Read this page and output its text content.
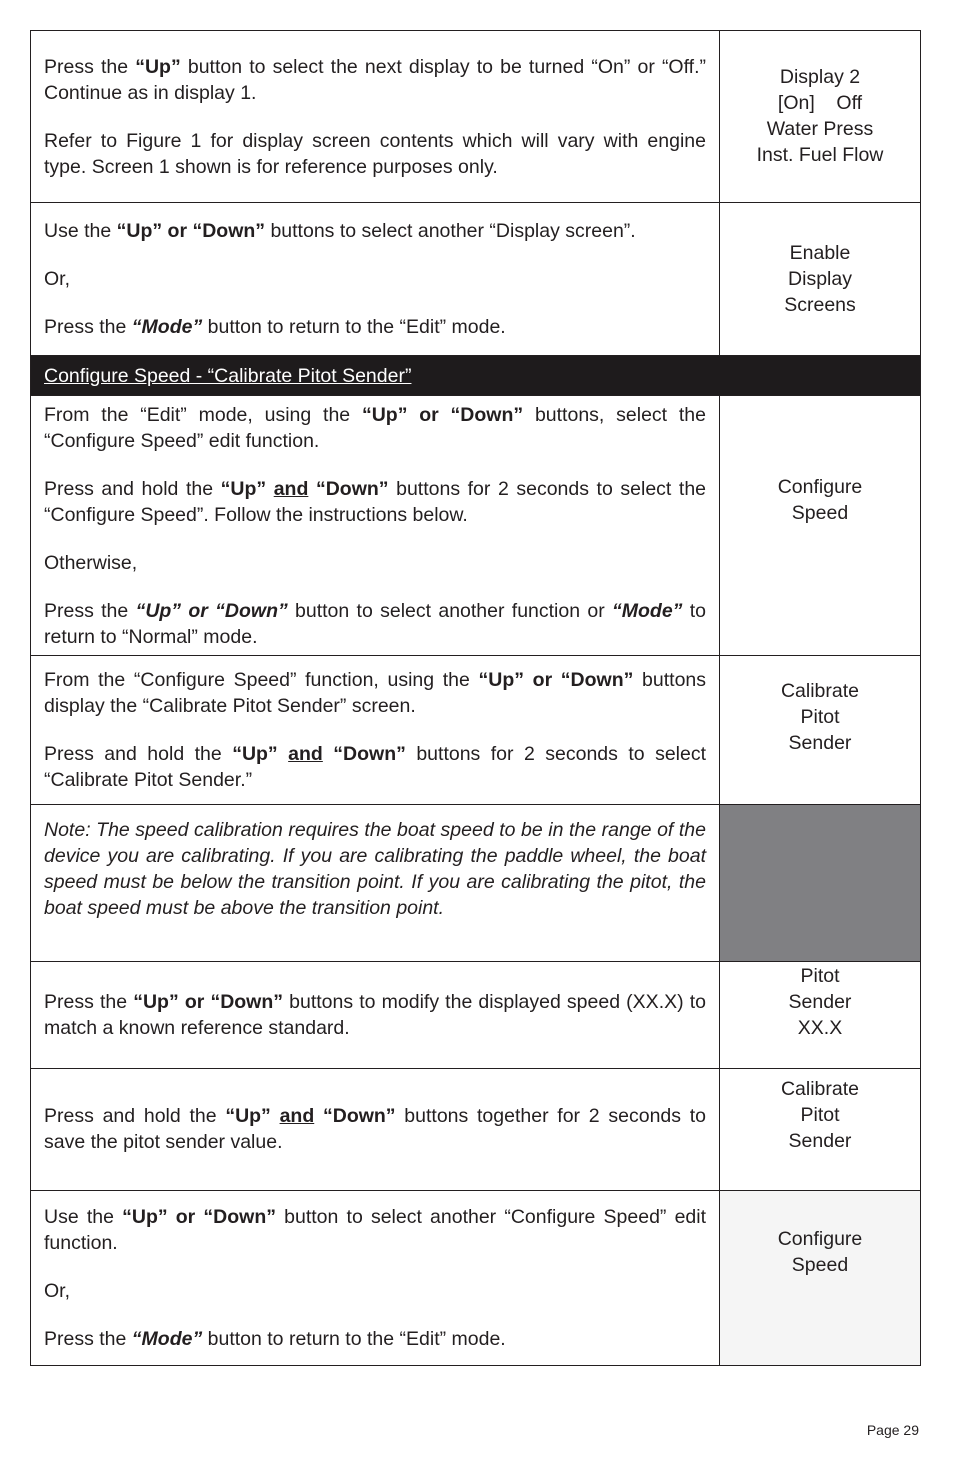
Press the “Up” button to select the next display to be turned “On” or “Off.” Continue as in display 1.

Refer to Figure 1 for display screen contents which will vary with engine type. Screen 1 shown is for reference purposes only.

Display 2
[On]    Off
Water Press
Inst. Fuel Flow

Use the “Up” or “Down” buttons to select another “Display screen”.

Or,

Press the “Mode” button to return to the “Edit” mode.

Enable
Display
Screens
Configure Speed - “Calibrate Pitot Sender”

From the “Edit” mode, using the “Up” or “Down” buttons, select the “Configure Speed” edit function.

Press and hold the “Up” and “Down” buttons for 2 seconds to select the “Configure Speed”. Follow the instructions below.

Otherwise,

Press the “Up” or “Down” button to select another function or “Mode” to return to “Normal” mode.

Configure
Speed

From the “Configure Speed” function, using the “Up” or “Down” buttons display the “Calibrate Pitot Sender” screen.

Press and hold the “Up” and “Down” buttons for 2 seconds to select “Calibrate Pitot Sender.”

Calibrate
Pitot
Sender

Note: The speed calibration requires the boat speed to be in the range of the device you are calibrating. If you are calibrating the paddle wheel, the boat speed must be below the transition point. If you are calibrating the pitot, the boat speed must be above the transition point.

Press the “Up” or “Down” buttons to modify the displayed speed (XX.X) to match a known reference standard.

Pitot
Sender
XX.X

Press and hold the “Up” and “Down” buttons together for 2 seconds to save the pitot sender value.

Calibrate
Pitot
Sender

Use the “Up” or “Down” button to select another “Configure Speed” edit function.

Or,

Press the “Mode” button to return to the “Edit” mode.

Configure
Speed
Page 29
